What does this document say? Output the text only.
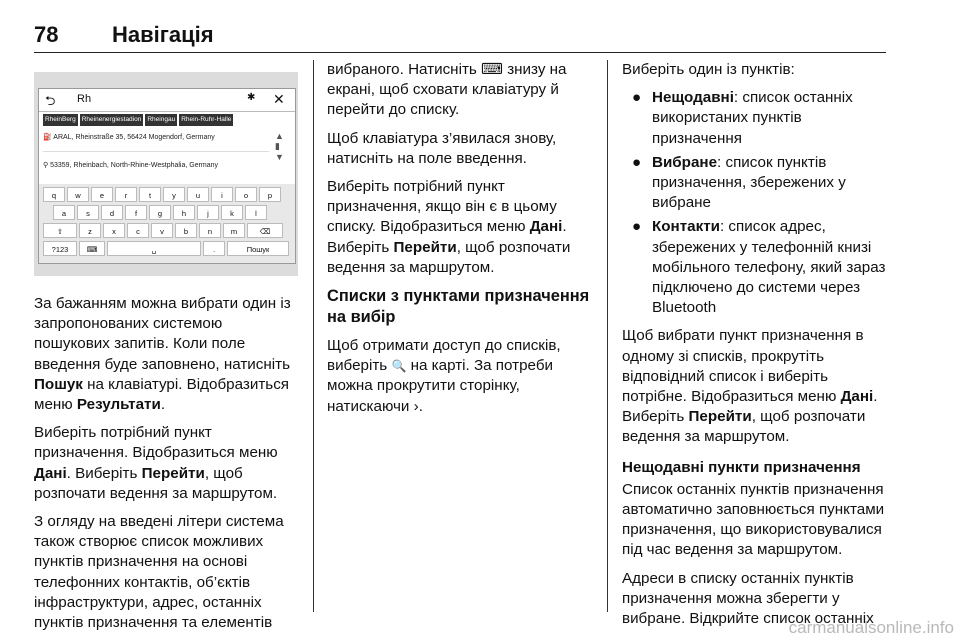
78 Навігація
⮌ Rh	✱ ✕
RheinBerg Rheinenergiestadion Rheingau Rhein-Ruhr-Halle
⛽ ARAL, Rheinstraße 35, 56424 Mogendorf, Germany
⚲ 53359, Rheinbach, North-Rhine-Westphalia, Germany
▲
▮
▼
q	w	e	r	t	y	u	i	o	p
a	s	d	f	g	h	j	k	l
⇧	z	x	c	v	b	n	m	⌫
?123 ⌨	␣	.	Пошук

За бажанням можна вибрати один із запропонованих системою пошукових запитів. Коли поле введення буде заповнено, натисніть Пошук на клавіатурі. Відобразиться меню Результати.

Виберіть потрібний пункт призначення. Відобразиться меню Дані. Виберіть Перейти, щоб розпочати ведення за маршрутом.

З огляду на введені літери система також створює список можливих пунктів призначення на основі телефонних контактів, об’єктів інфраструктури, адрес, останніх пунктів призначення та елементів

вибраного. Натисніть ⌨ знизу на екрані, щоб сховати клавіатуру й перейти до списку.

Щоб клавіатура з’явилася знову, натисніть на поле введення.

Виберіть потрібний пункт призначення, якщо він є в цьому списку. Відобразиться меню Дані. Виберіть Перейти, щоб розпочати ведення за маршрутом.

Списки з пунктами призначення на вибір

Щоб отримати доступ до списків, виберіть 🔍 на карті. За потреби можна прокрутити сторінку, натискаючи ›.

Виберіть один із пунктів:

● Нещодавні: список останніх використаних пунктів призначення
● Вибране: список пунктів призначення, збережених у вибране
● Контакти: список адрес, збережених у телефонній книзі мобільного телефону, який зараз підключено до системи через Bluetooth

Щоб вибрати пункт призначення в одному зі списків, прокрутіть відповідний список і виберіть потрібне. Відобразиться меню Дані. Виберіть Перейти, щоб розпочати ведення за маршрутом.

Нещодавні пункти призначення

Список останніх пунктів призначення автоматично заповнюється пунктами призначення, що використовувалися під час ведення за маршрутом.

Адреси в списку останніх пунктів призначення можна зберегти у вибране. Відкрийте список останніх

carmanualsonline.info
